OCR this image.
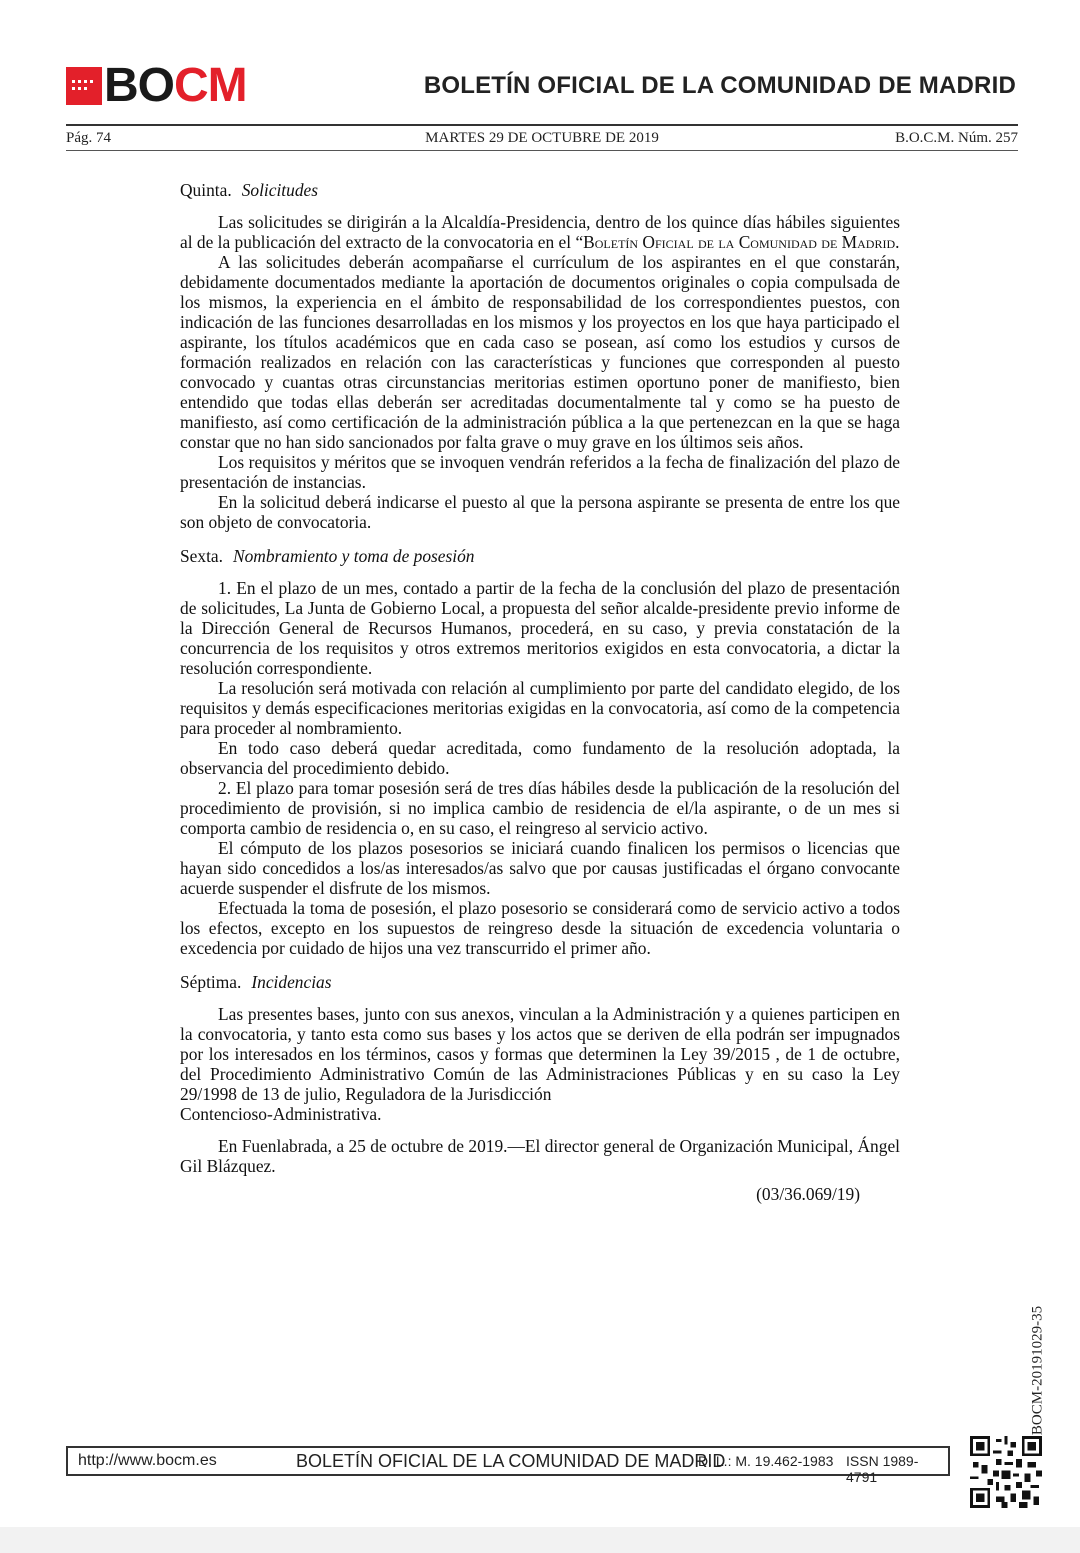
BOCM	BOLETÍN OFICIAL DE LA COMUNIDAD DE MADRID
Pág. 74	MARTES 29 DE OCTUBRE DE 2019	B.O.C.M. Núm. 257

Quinta. Solicitudes

Las solicitudes se dirigirán a la Alcaldía-Presidencia, dentro de los quince días hábiles siguientes al de la publicación del extracto de la convocatoria en el “Boletín Oficial de la Comunidad de Madrid.

A las solicitudes deberán acompañarse el currículum de los aspirantes en el que constarán, debidamente documentados mediante la aportación de documentos originales o copia compulsada de los mismos, la experiencia en el ámbito de responsabilidad de los correspondientes puestos, con indicación de las funciones desarrolladas en los mismos y los proyectos en los que haya participado el aspirante, los títulos académicos que en cada caso se posean, así como los estudios y cursos de formación realizados en relación con las características y funciones que corresponden al puesto convocado y cuantas otras circunstancias meritorias estimen oportuno poner de manifiesto, bien entendido que todas ellas deberán ser acreditadas documentalmente tal y como se ha puesto de manifiesto, así como certificación de la administración pública a la que pertenezcan en la que se haga constar que no han sido sancionados por falta grave o muy grave en los últimos seis años.

Los requisitos y méritos que se invoquen vendrán referidos a la fecha de finalización del plazo de presentación de instancias.

En la solicitud deberá indicarse el puesto al que la persona aspirante se presenta de entre los que son objeto de convocatoria.

Sexta. Nombramiento y toma de posesión

1. En el plazo de un mes, contado a partir de la fecha de la conclusión del plazo de presentación de solicitudes, La Junta de Gobierno Local, a propuesta del señor alcalde-presidente previo informe de la Dirección General de Recursos Humanos, procederá, en su caso, y previa constatación de la concurrencia de los requisitos y otros extremos meritorios exigidos en esta convocatoria, a dictar la resolución correspondiente.

La resolución será motivada con relación al cumplimiento por parte del candidato elegido, de los requisitos y demás especificaciones meritorias exigidas en la convocatoria, así como de la competencia para proceder al nombramiento.

En todo caso deberá quedar acreditada, como fundamento de la resolución adoptada, la observancia del procedimiento debido.

2. El plazo para tomar posesión será de tres días hábiles desde la publicación de la resolución del procedimiento de provisión, si no implica cambio de residencia de el/la aspirante, o de un mes si comporta cambio de residencia o, en su caso, el reingreso al servicio activo.

El cómputo de los plazos posesorios se iniciará cuando finalicen los permisos o licencias que hayan sido concedidos a los/as interesados/as salvo que por causas justificadas el órgano convocante acuerde suspender el disfrute de los mismos.

Efectuada la toma de posesión, el plazo posesorio se considerará como de servicio activo a todos los efectos, excepto en los supuestos de reingreso desde la situación de excedencia voluntaria o excedencia por cuidado de hijos una vez transcurrido el primer año.

Séptima. Incidencias

Las presentes bases, junto con sus anexos, vinculan a la Administración y a quienes participen en la convocatoria, y tanto esta como sus bases y los actos que se deriven de ella podrán ser impugnados por los interesados en los términos, casos y formas que determinen la Ley 39/2015 , de 1 de octubre, del Procedimiento Administrativo Común de las Administraciones Públicas y en su caso la Ley 29/1998 de 13 de julio, Reguladora de la Jurisdicción

Contencioso-Administrativa.

En Fuenlabrada, a 25 de octubre de 2019.—El director general de Organización Municipal, Ángel Gil Blázquez.

(03/36.069/19)

BOCM-20191029-35
http://www.bocm.es	BOLETÍN OFICIAL DE LA COMUNIDAD DE MADRID
D. L.: M. 19.462-1983 ISSN 1989-4791
